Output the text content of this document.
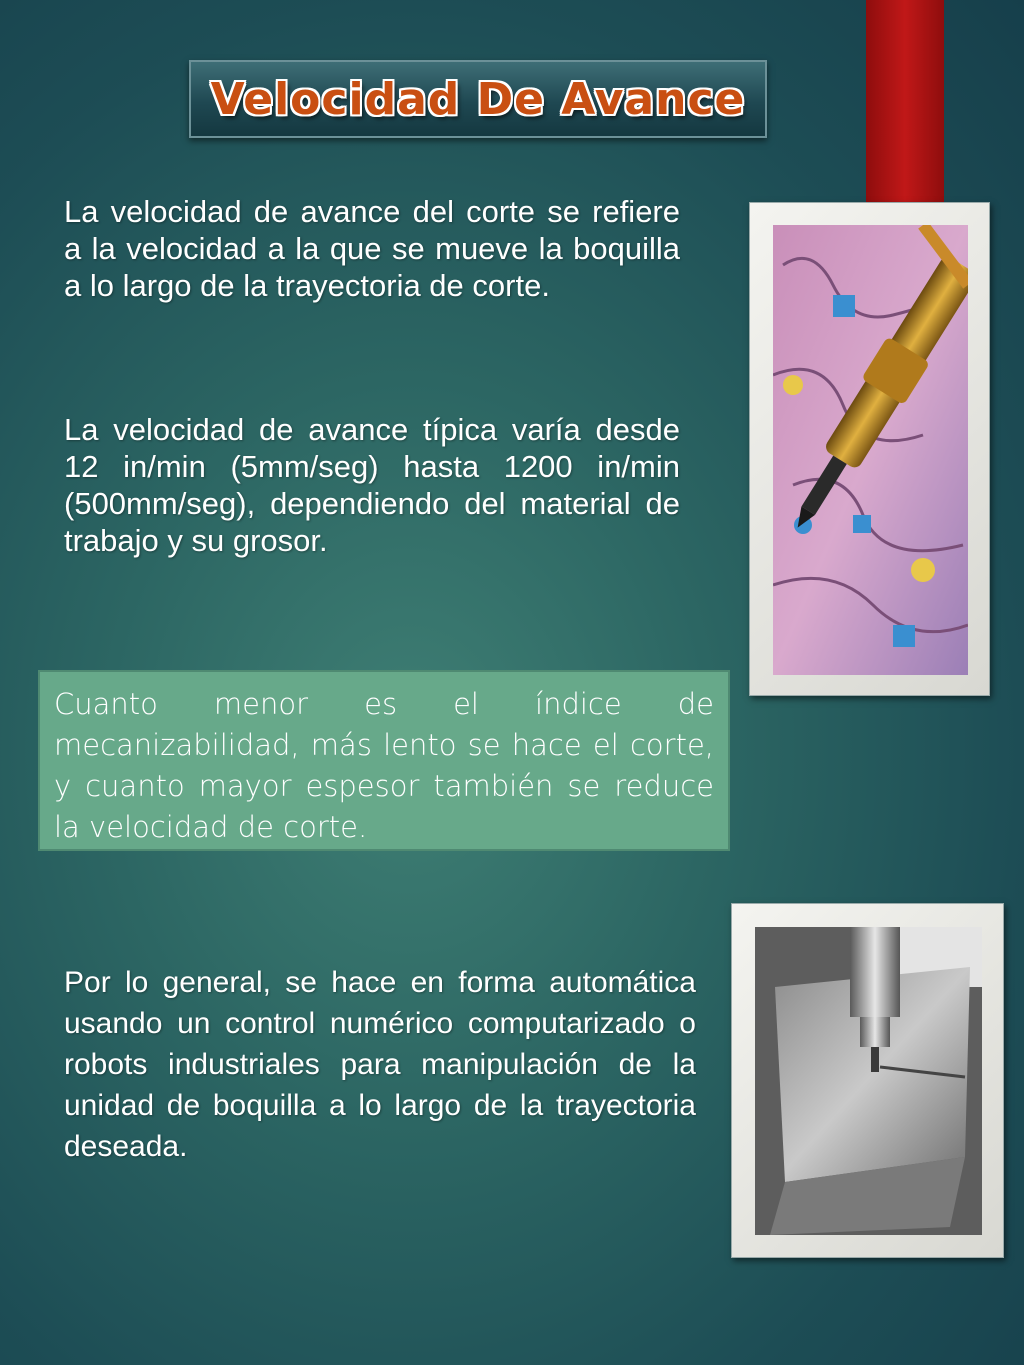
Velocidad De Avance

La velocidad de avance del corte se refiere a la velocidad a la que se mueve la boquilla a lo largo de la trayectoria de corte.

La velocidad de avance típica varía desde 12 in/min (5mm/seg) hasta 1200 in/min (500mm/seg), dependiendo del material de trabajo y su grosor.

Cuanto menor es el índice de mecanizabilidad, más lento se hace el corte, y cuanto mayor espesor también se reduce la velocidad de corte.

Por lo general, se hace en forma automática usando un control numérico computarizado o robots industriales para manipulación de la unidad de boquilla a lo largo de la trayectoria deseada.
